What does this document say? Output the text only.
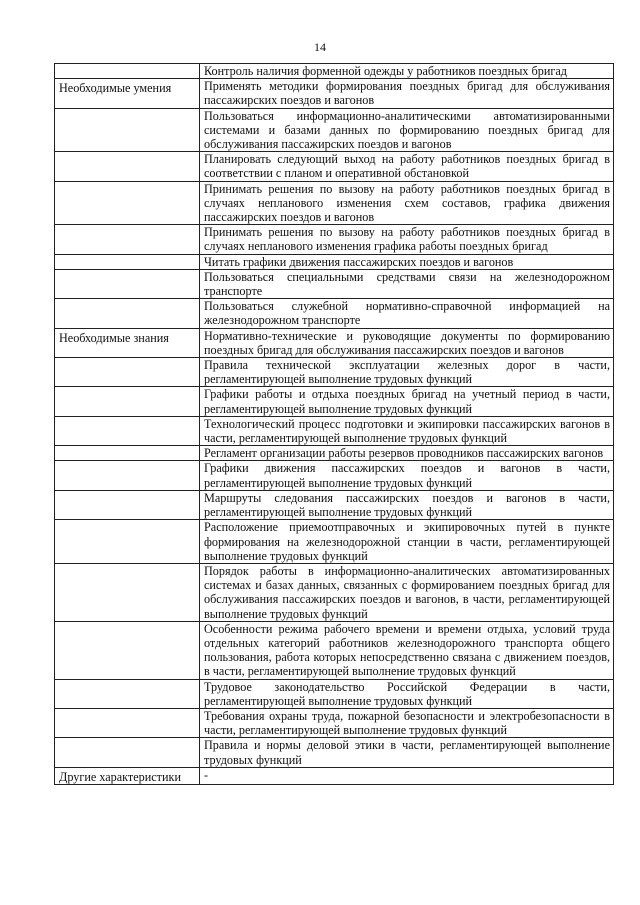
14
	Контроль наличия форменной одежды у работников поездных бригад
Необходимые умения	Применять методики формирования поездных бригад для обслуживания пассажирских поездов и вагонов
	Пользоваться информационно-аналитическими автоматизированными системами и базами данных по формированию поездных бригад для обслуживания пассажирских поездов и вагонов
	Планировать следующий выход на работу работников поездных бригад в соответствии с планом и оперативной обстановкой
	Принимать решения по вызову на работу работников поездных бригад в случаях непланового изменения схем составов, графика движения пассажирских поездов и вагонов
	Принимать решения по вызову на работу работников поездных бригад в случаях непланового изменения графика работы поездных бригад
	Читать графики движения пассажирских поездов и вагонов
	Пользоваться специальными средствами связи на железнодорожном транспорте
	Пользоваться служебной нормативно-справочной информацией на железнодорожном транспорте
Необходимые знания	Нормативно-технические и руководящие документы по формированию поездных бригад для обслуживания пассажирских поездов и вагонов
	Правила технической эксплуатации железных дорог в части, регламентирующей выполнение трудовых функций
	Графики работы и отдыха поездных бригад на учетный период в части, регламентирующей выполнение трудовых функций
	Технологический процесс подготовки и экипировки пассажирских вагонов в части, регламентирующей выполнение трудовых функций
	Регламент организации работы резервов проводников пассажирских вагонов
	Графики движения пассажирских поездов и вагонов в части, регламентирующей выполнение трудовых функций
	Маршруты следования пассажирских поездов и вагонов в части, регламентирующей выполнение трудовых функций
	Расположение приемоотправочных и экипировочных путей в пункте формирования на железнодорожной станции в части, регламентирующей выполнение трудовых функций
	Порядок работы в информационно-аналитических автоматизированных системах и базах данных, связанных с формированием поездных бригад для обслуживания пассажирских поездов и вагонов, в части, регламентирующей выполнение трудовых функций
	Особенности режима рабочего времени и времени отдыха, условий труда отдельных категорий работников железнодорожного транспорта общего пользования, работа которых непосредственно связана с движением поездов, в части, регламентирующей выполнение трудовых функций
	Трудовое законодательство Российской Федерации в части, регламентирующей выполнение трудовых функций
	Требования охраны труда, пожарной безопасности и электробезопасности в части, регламентирующей выполнение трудовых функций
	Правила и нормы деловой этики в части, регламентирующей выполнение трудовых функций
Другие характеристики	-
